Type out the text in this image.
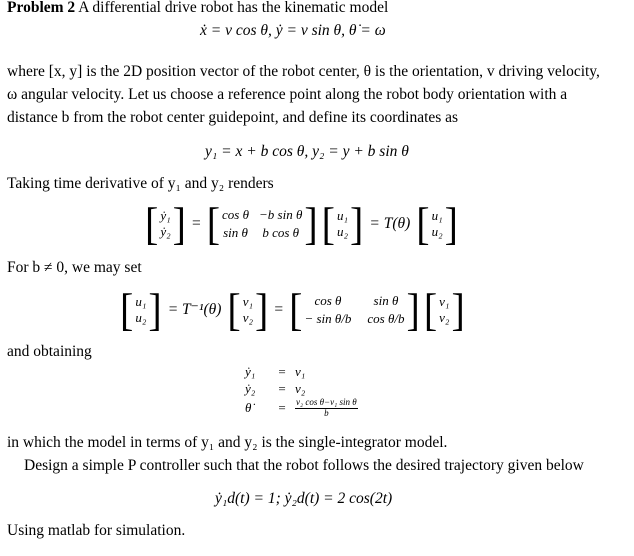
Problem 2 A differential drive robot has the kinematic model
ẋ = v cos θ, ẏ = v sin θ, θ̇ = ω
where [x, y] is the 2D position vector of the robot center, θ is the orientation, v driving velocity,
ω angular velocity. Let us choose a reference point along the robot body orientation with a
distance b from the robot center guidepoint, and define its coordinates as
y₁ = x + b cos θ, y₂ = y + b sin θ
Taking time derivative of y₁ and y₂ renders
[ ẏ₁
ẏ₂ ] = [ cos θ −b sin θ
sin θ b cos θ ] [ u₁
u₂ ] = T(θ) [ u₁
u₂ ]
For b ≠ 0, we may set
[ u₁
u₂ ] = T⁻¹(θ) [ v₁
v₂ ] = [ cos θ sin θ
− sin θ/b cos θ/b ] [ v₁
v₂ ]
and obtaining
ẏ₁	= v₁
ẏ₂	= v₂
θ̇	=	$\frac{\text{v₂ cos θ−v₁ sin θ}}{b}$
in which the model in terms of y₁ and y₂ is the single-integrator model.
Design a simple P controller such that the robot follows the desired trajectory given below
ẏ₁d(t) = 1; ẏ₂d(t) = 2 cos(2t)
Using matlab for simulation.
